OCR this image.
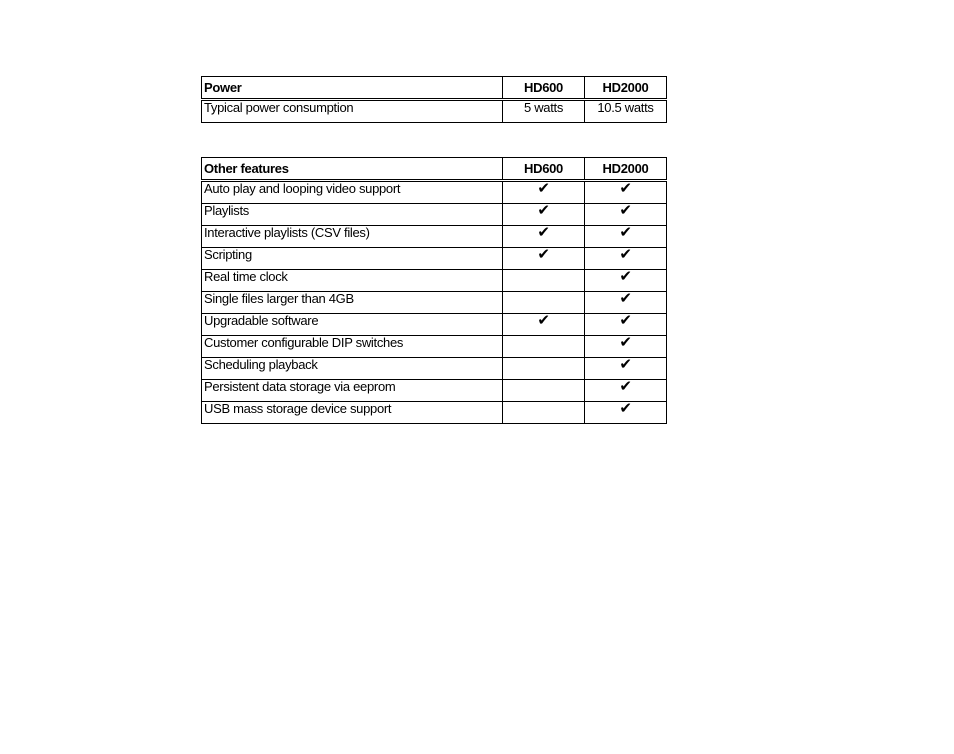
Power	HD600	HD2000
Typical power consumption	5 watts	10.5 watts
Other features	HD600	HD2000
Auto play and looping video support	✔	✔
Playlists	✔	✔
Interactive playlists (CSV files)	✔	✔
Scripting	✔	✔
Real time clock		✔
Single files larger than 4GB		✔
Upgradable software	✔	✔
Customer configurable DIP switches		✔
Scheduling playback		✔
Persistent data storage via eeprom		✔
USB mass storage device support		✔
